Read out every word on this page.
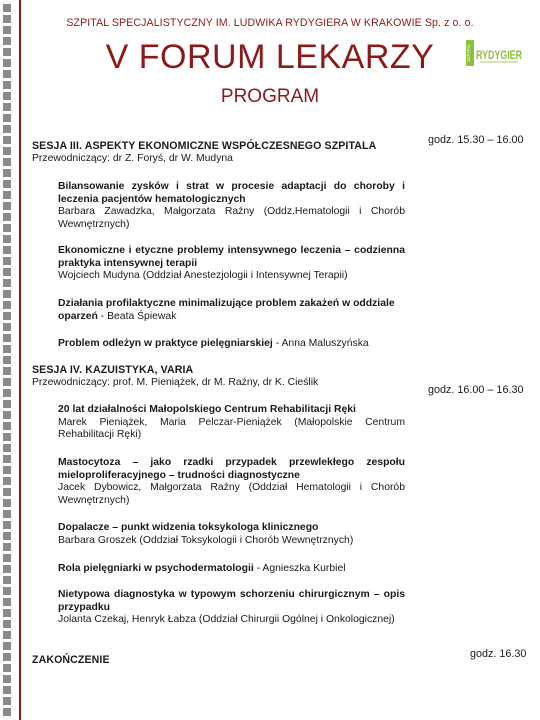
SZPITAL SPECJALISTYCZNY IM. LUDWIKA RYDYGIERA W KRAKOWIE Sp. z o. o.
V FORUM LEKARZY
PROGRAM
SZPITAL RYDYGIER
SESJA III. ASPEKTY EKONOMICZNE WSPÓŁCZESNEGO SZPITALA
Przewodniczący: dr Z. Foryś, dr W. Mudyna
godz. 15.30 – 16.00
Bilansowanie zysków i strat w procesie adaptacji do choroby i leczenia pacjentów hematologicznych
Barbara Zawadzka, Małgorzata Raźny (Oddz.Hematologii i Chorób Wewnętrznych)
Ekonomiczne i etyczne problemy intensywnego leczenia – codzienna praktyka intensywnej terapii
Wojciech Mudyna (Oddział Anestezjologii i Intensywnej Terapii)
Działania profilaktyczne minimalizujące problem zakażeń w oddziale oparzeń - Beata Śpiewak
Problem odleżyn w praktyce pielęgniarskiej - Anna Maluszyńska
SESJA IV. KAZUISTYKA, VARIA
Przewodniczący: prof. M. Pieniążek, dr M. Raźny, dr K. Cieślik
godz. 16.00 – 16.30
20 lat działalności Małopolskiego Centrum Rehabilitacji Ręki
Marek Pieniążek, Maria Pelczar-Pieniążek (Małopolskie Centrum Rehabilitacji Ręki)
Mastocytoza – jako rzadki przypadek przewlekłego zespołu mieloproliferacyjnego – trudności diagnostyczne
Jacek Dybowicz, Małgorzata Raźny (Oddział Hematologii i Chorób Wewnętrznych)
Dopalacze – punkt widzenia toksykologa klinicznego
Barbara Groszek (Oddział Toksykologii i Chorób Wewnętrznych)
Rola pielęgniarki w psychodermatologii - Agnieszka Kurbiel
Nietypowa diagnostyka w typowym schorzeniu chirurgicznym – opis przypadku
Jolanta Czekaj, Henryk Łabza (Oddział Chirurgii Ogólnej i Onkologicznej)
ZAKOŃCZENIE	godz. 16.30
